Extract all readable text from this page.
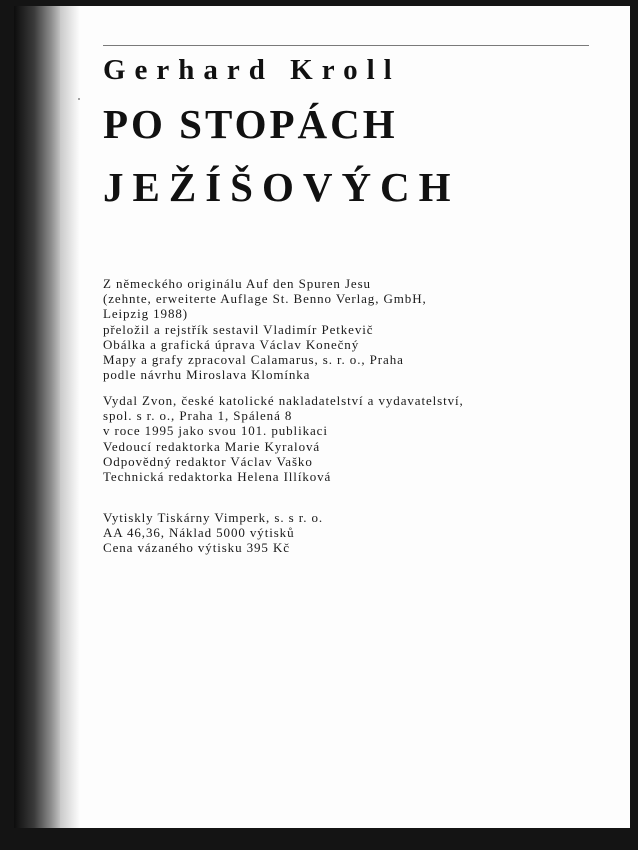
Gerhard Kroll
PO STOPÁCH
JEŽÍŠOVÝCH
Z německého originálu Auf den Spuren Jesu
(zehnte, erweiterte Auflage St. Benno Verlag, GmbH,
Leipzig 1988)
přeložil a rejstřík sestavil Vladimír Petkevič
Obálka a grafická úprava Václav Konečný
Mapy a grafy zpracoval Calamarus, s. r. o., Praha
podle návrhu Miroslava Klomínka
Vydal Zvon, české katolické nakladatelství a vydavatelství,
spol. s r. o., Praha 1, Spálená 8
v roce 1995 jako svou 101. publikaci
Vedoucí redaktorka Marie Kyralová
Odpovědný redaktor Václav Vaško
Technická redaktorka Helena Illíková
Vytiskly Tiskárny Vimperk, s. s r. o.
AA 46,36, Náklad 5000 výtisků
Cena vázaného výtisku 395 Kč
